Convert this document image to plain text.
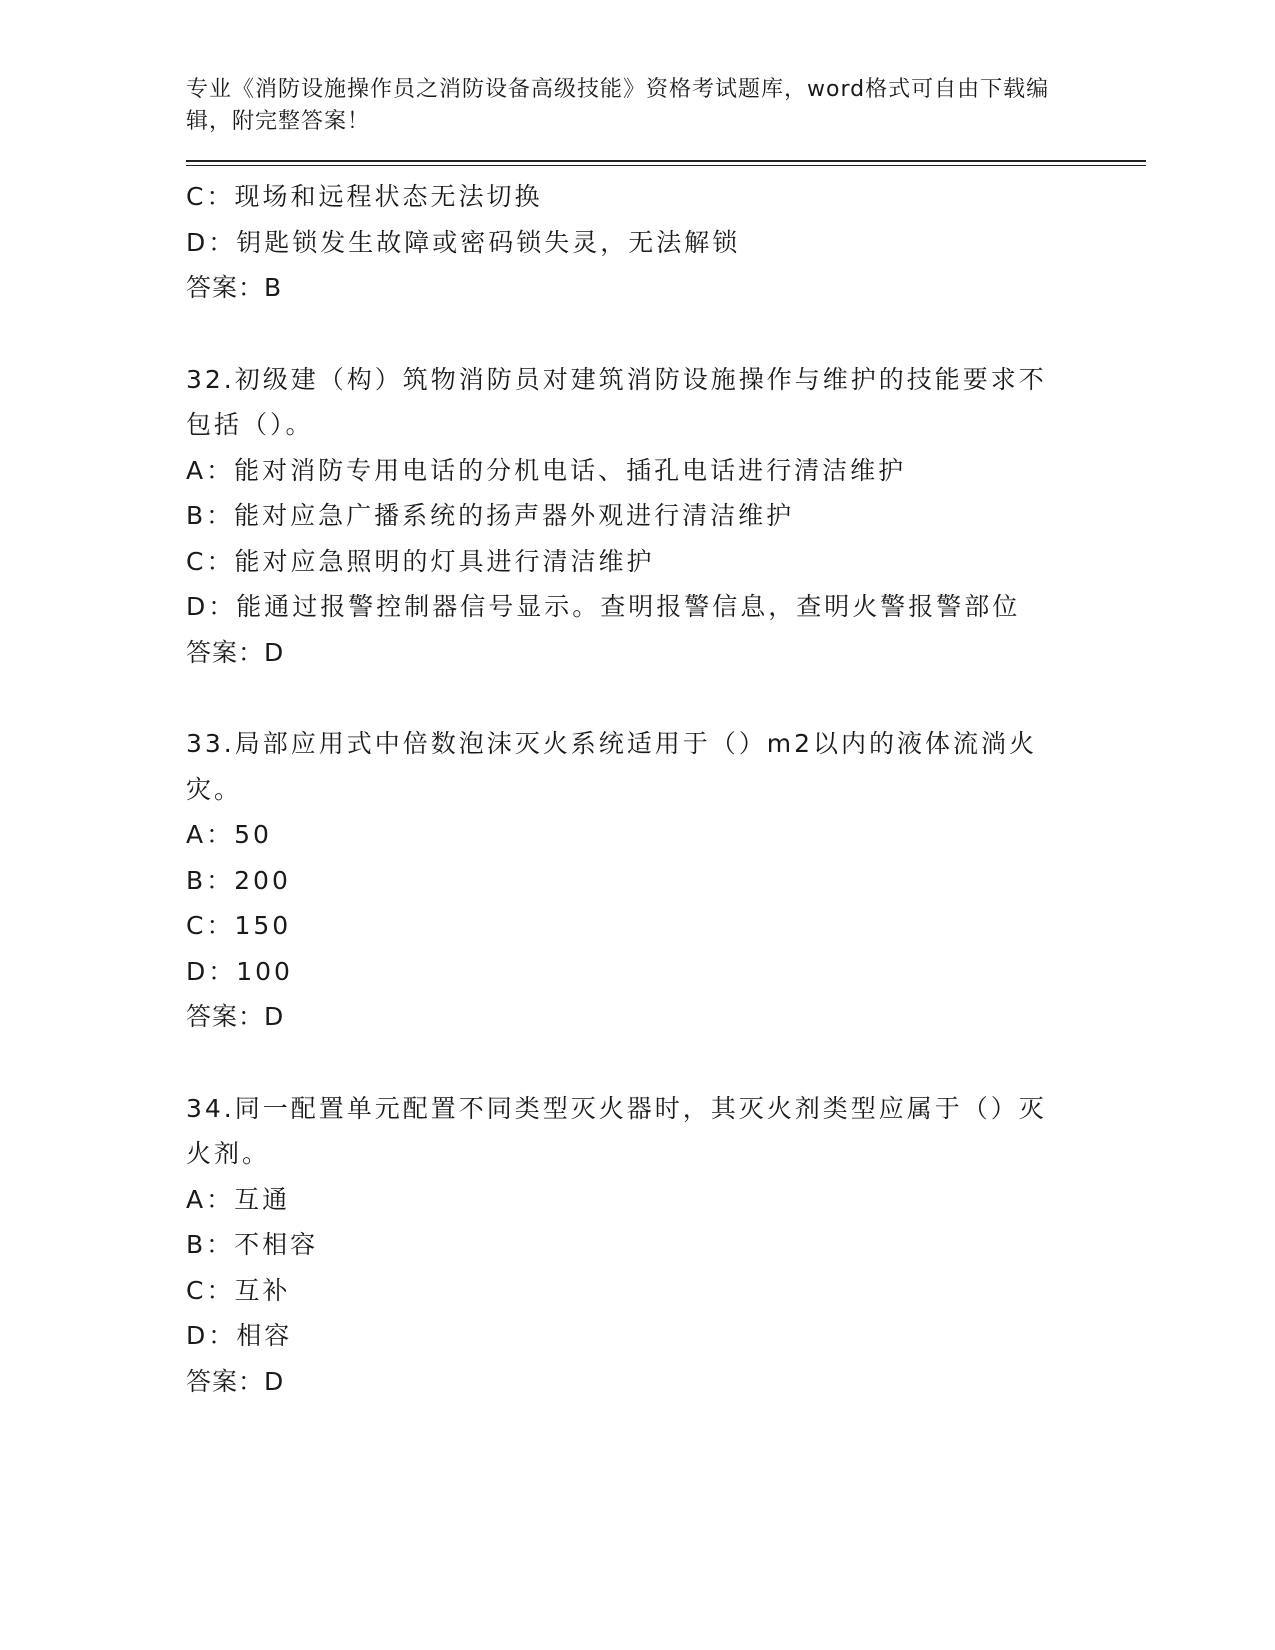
专业《消防设施操作员之消防设备高级技能》资格考试题库，word格式可自由下载编辑，附完整答案！
C：现场和远程状态无法切换
D：钥匙锁发生故障或密码锁失灵，无法解锁
答案：B
32.初级建（构）筑物消防员对建筑消防设施操作与维护的技能要求不包括（）。
A：能对消防专用电话的分机电话、插孔电话进行清洁维护
B：能对应急广播系统的扬声器外观进行清洁维护
C：能对应急照明的灯具进行清洁维护
D：能通过报警控制器信号显示。查明报警信息，查明火警报警部位
答案：D
33.局部应用式中倍数泡沫灭火系统适用于（）m2以内的液体流淌火灾。
A：50
B：200
C：150
D：100
答案：D
34.同一配置单元配置不同类型灭火器时，其灭火剂类型应属于（）灭火剂。
A：互通
B：不相容
C：互补
D：相容
答案：D
